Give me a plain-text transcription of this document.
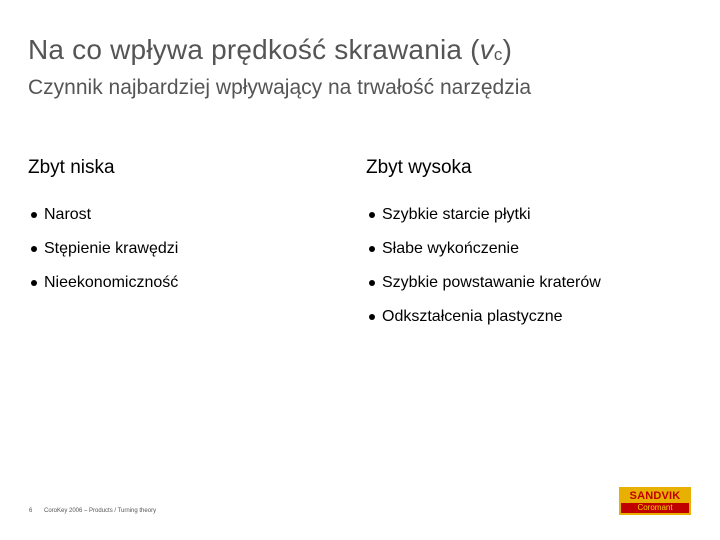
Na co wpływa prędkość skrawania $(v_c)$
Czynnik najbardziej wpływający na trwałość narzędzia
Zbyt niska
Narost
Stępienie krawędzi
Nieekonomiczność
Zbyt wysoka
Szybkie starcie płytki
Słabe wykończenie
Szybkie powstawanie kraterów
Odkształcenia plastyczne
6 CoroKey 2006 – Products / Turning theory
SANDVIK
Coromant
